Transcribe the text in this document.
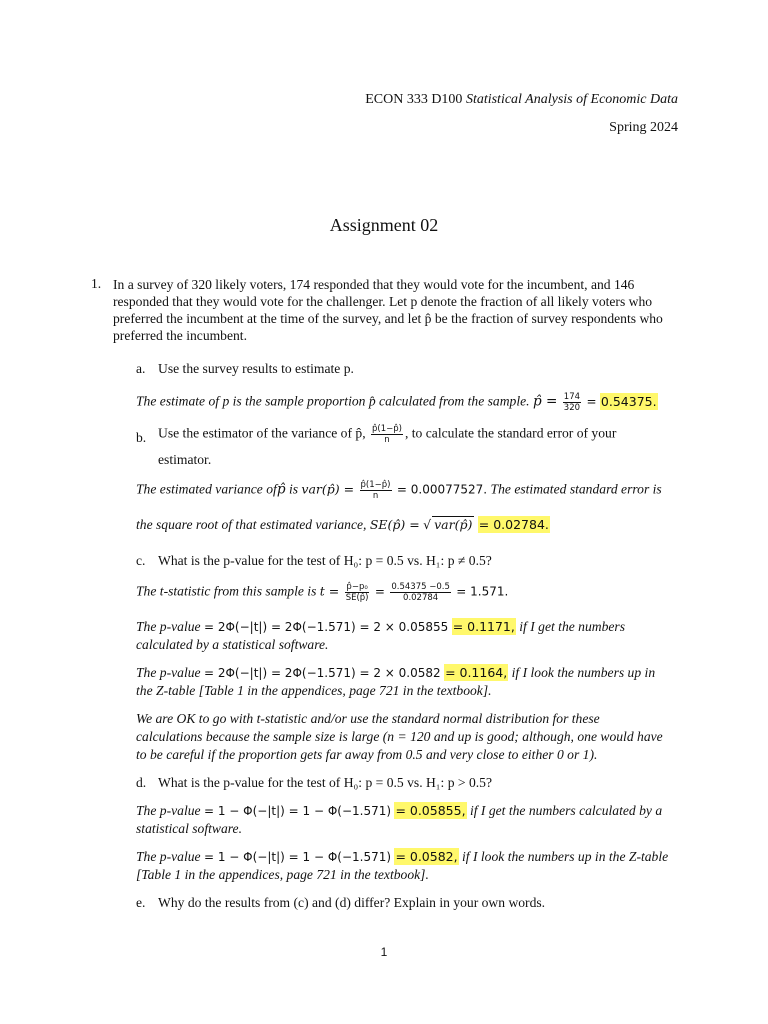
ECON 333 D100 Statistical Analysis of Economic Data
Spring 2024
Assignment 02
1. In a survey of 320 likely voters, 174 responded that they would vote for the incumbent, and 146 responded that they would vote for the challenger. Let p denote the fraction of all likely voters who preferred the incumbent at the time of the survey, and let p̂ be the fraction of survey respondents who preferred the incumbent.
a. Use the survey results to estimate p.
The estimate of p is the sample proportion p̂ calculated from the sample. p̂ = $\frac{174}{320} = 0.54375$.
b. Use the estimator of the variance of p̂, $\frac{p̂(1-p̂)}{n}$ , to calculate the standard error of your
estimator.
The estimated variance ofp̂ is var(p̂) = $\frac{p̂(1-p̂)}{n} = 0.00077527$. The estimated standard error is
the square root of that estimated variance, SE(p̂) = √ var(p̂) = 0.02784.
c. What is the p-value for the test of H₀: p = 0.5 vs. H₁: p ≠ 0.5?
The t-statistic from this sample is $t = \frac{\text{p̂−p₀}}{SE(p̂)} = \frac{0.54375 -0.5}{0.02784} = 1.571$.
The p-value = 2Φ(−|t|) = 2Φ(−1.571) = 2 × 0.05855 = 0.1171, if I get the numbers
calculated by a statistical software.
The p-value = 2Φ(−|t|) = 2Φ(−1.571) = 2 × 0.0582 = 0.1164, if I look the numbers up in
the Z-table [Table 1 in the appendices, page 721 in the textbook].
We are OK to go with t-statistic and/or use the standard normal distribution for these
calculations because the sample size is large (n = 120 and up is good; although, one would have
to be careful if the proportion gets far away from 0.5 and very close to either 0 or 1).
d. What is the p-value for the test of H₀: p = 0.5 vs. H₁: p > 0.5?
The p-value = 1 − Φ(−|t|) = 1 − Φ(−1.571) = 0.05855, if I get the numbers calculated by a
statistical software.
The p-value = 1 − Φ(−|t|) = 1 − Φ(−1.571) = 0.0582, if I look the numbers up in the Z-table
[Table 1 in the appendices, page 721 in the textbook].
e. Why do the results from (c) and (d) differ? Explain in your own words.
1
